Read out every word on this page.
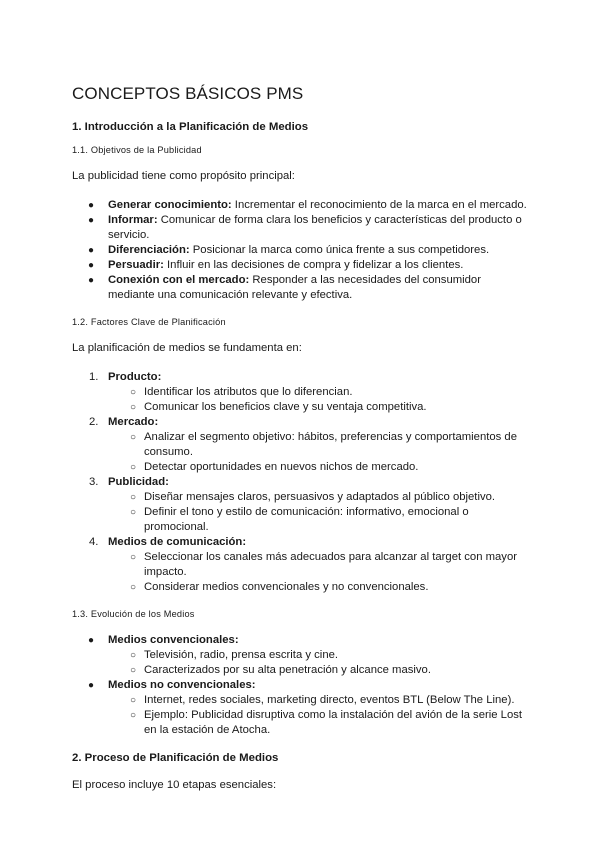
CONCEPTOS BÁSICOS PMS
1. Introducción a la Planificación de Medios
1.1. Objetivos de la Publicidad

La publicidad tiene como propósito principal:

● Generar conocimiento: Incrementar el reconocimiento de la marca en el mercado.
● Informar: Comunicar de forma clara los beneficios y características del producto o servicio.
● Diferenciación: Posicionar la marca como única frente a sus competidores.
● Persuadir: Influir en las decisiones de compra y fidelizar a los clientes.
● Conexión con el mercado: Responder a las necesidades del consumidor mediante una comunicación relevante y efectiva.
1.2. Factores Clave de Planificación

La planificación de medios se fundamenta en:

1. Producto:
○ Identificar los atributos que lo diferencian.
○ Comunicar los beneficios clave y su ventaja competitiva.
2. Mercado:
○ Analizar el segmento objetivo: hábitos, preferencias y comportamientos de consumo.
○ Detectar oportunidades en nuevos nichos de mercado.
3. Publicidad:
○ Diseñar mensajes claros, persuasivos y adaptados al público objetivo.
○ Definir el tono y estilo de comunicación: informativo, emocional o promocional.
4. Medios de comunicación:
○ Seleccionar los canales más adecuados para alcanzar al target con mayor impacto.
○ Considerar medios convencionales y no convencionales.
1.3. Evolución de los Medios
● Medios convencionales:
○ Televisión, radio, prensa escrita y cine.
○ Caracterizados por su alta penetración y alcance masivo.
● Medios no convencionales:
○ Internet, redes sociales, marketing directo, eventos BTL (Below The Line).
○ Ejemplo: Publicidad disruptiva como la instalación del avión de la serie Lost en la estación de Atocha.
2. Proceso de Planificación de Medios

El proceso incluye 10 etapas esenciales:
